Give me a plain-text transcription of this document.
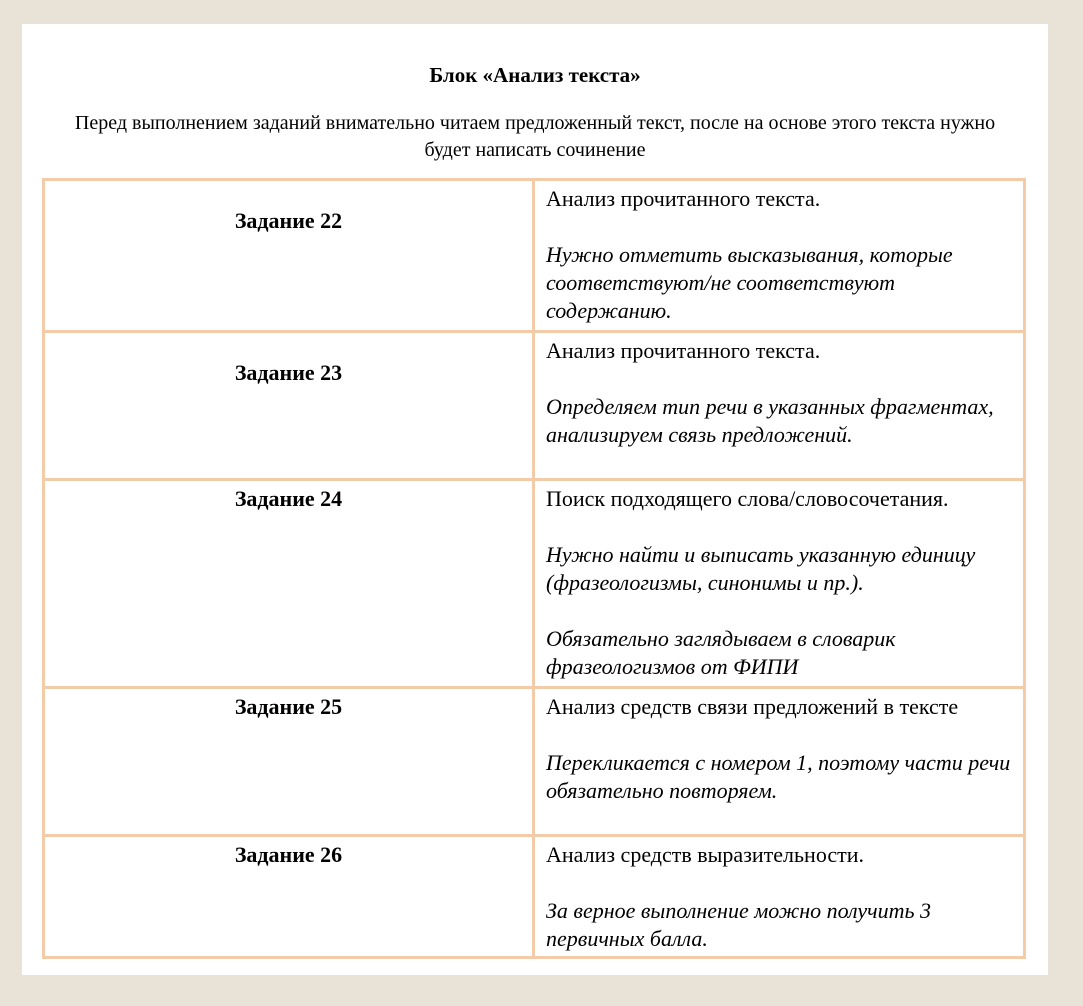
Блок «Анализ текста»
Перед выполнением заданий внимательно читаем предложенный текст, после на основе этого текста нужно будет написать сочинение
Задание 22	Анализ прочитанного текста.
Нужно отметить высказывания, которые соответствуют/не соответствуют содержанию.

Задание 23	Анализ прочитанного текста.
Определяем тип речи в указанных фрагментах, анализируем связь предложений.

Задание 24	Поиск подходящего слова/словосочетания.
Нужно найти и выписать указанную единицу (фразеологизмы, синонимы и пр.).
Обязательно заглядываем в словарик фразеологизмов от ФИПИ

Задание 25	Анализ средств связи предложений в тексте
Перекликается с номером 1, поэтому части речи обязательно повторяем.

Задание 26	Анализ средств выразительности.
За верное выполнение можно получить 3 первичных балла.
